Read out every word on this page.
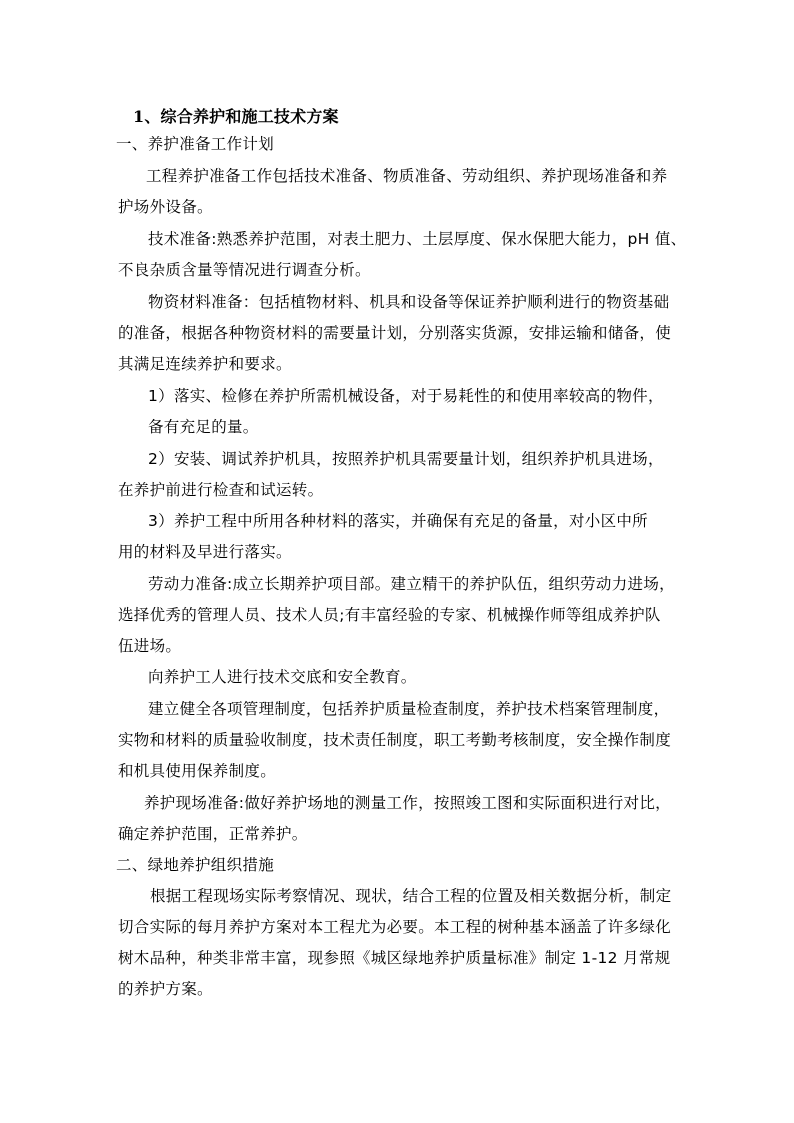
1、综合养护和施工技术方案
一、养护准备工作计划
工程养护准备工作包括技术准备、物质准备、劳动组织、养护现场准备和养
护场外设备。
技术准备:熟悉养护范围，对表土肥力、土层厚度、保水保肥大能力，pH 值、
不良杂质含量等情况进行调查分析。
物资材料准备：包括植物材料、机具和设备等保证养护顺利进行的物资基础
的准备，根据各种物资材料的需要量计划，分别落实货源，安排运输和储备，使
其满足连续养护和要求。
1）落实、检修在养护所需机械设备，对于易耗性的和使用率较高的物件，
备有充足的量。
2）安装、调试养护机具，按照养护机具需要量计划，组织养护机具进场，
在养护前进行检查和试运转。
3）养护工程中所用各种材料的落实，并确保有充足的备量，对小区中所
用的材料及早进行落实。
劳动力准备:成立长期养护项目部。建立精干的养护队伍，组织劳动力进场，
选择优秀的管理人员、技术人员;有丰富经验的专家、机械操作师等组成养护队
伍进场。
向养护工人进行技术交底和安全教育。
建立健全各项管理制度，包括养护质量检查制度，养护技术档案管理制度，
实物和材料的质量验收制度，技术责任制度，职工考勤考核制度，安全操作制度
和机具使用保养制度。
养护现场准备:做好养护场地的测量工作，按照竣工图和实际面积进行对比，
确定养护范围，正常养护。
二、绿地养护组织措施
根据工程现场实际考察情况、现状，结合工程的位置及相关数据分析，制定
切合实际的每月养护方案对本工程尤为必要。本工程的树种基本涵盖了许多绿化
树木品种，种类非常丰富，现参照《城区绿地养护质量标准》制定 1-12 月常规
的养护方案。
